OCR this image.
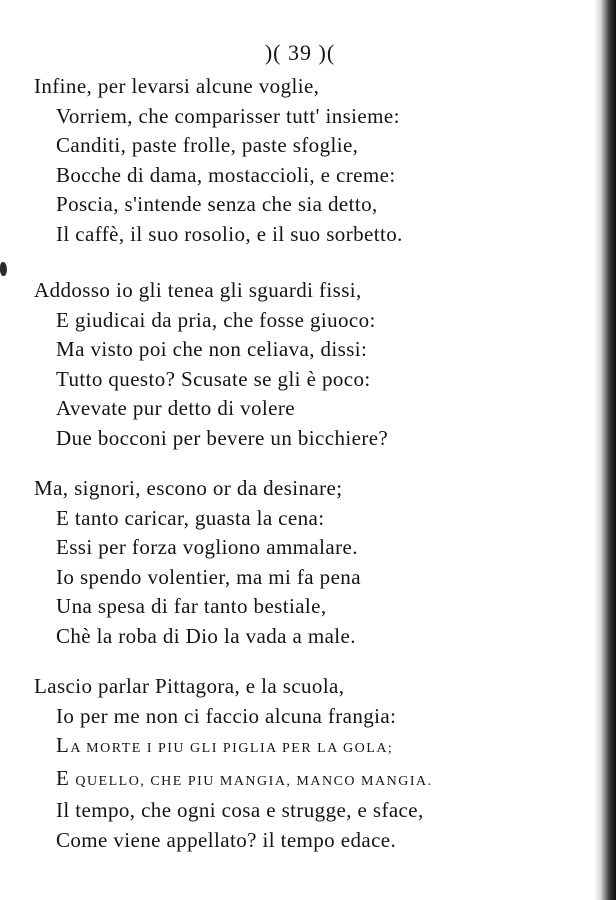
)( 39 )(
Infine, per levarsi alcune voglie,
Vorriem, che comparisser tutt' insieme:
Canditi, paste frolle, paste sfoglie,
Bocche di dama, mostaccioli, e creme:
Poscia, s'intende senza che sia detto,
Il caffè, il suo rosolio, e il suo sorbetto.
Addosso io gli tenea gli sguardi fissi,
E giudicai da pria, che fosse giuoco:
Ma visto poi che non celiava, dissi:
Tutto questo? Scusate se gli è poco:
Avevate pur detto di volere
Due bocconi per bevere un bicchiere?
Ma, signori, escono or da desinare;
E tanto caricar, guasta la cena:
Essi per forza vogliono ammalare.
Io spendo volentier, ma mi fa pena
Una spesa di far tanto bestiale,
Chè la roba di Dio la vada a male.
Lascio parlar Pittagora, e la scuola,
Io per me non ci faccio alcuna frangia:
LA MORTE I PIU GLI PIGLIA PER LA GOLA;
E QUELLO, CHE PIU MANGIA, MANCO MANGIA.
Il tempo, che ogni cosa e strugge, e sface,
Come viene appellato? il tempo edace.
